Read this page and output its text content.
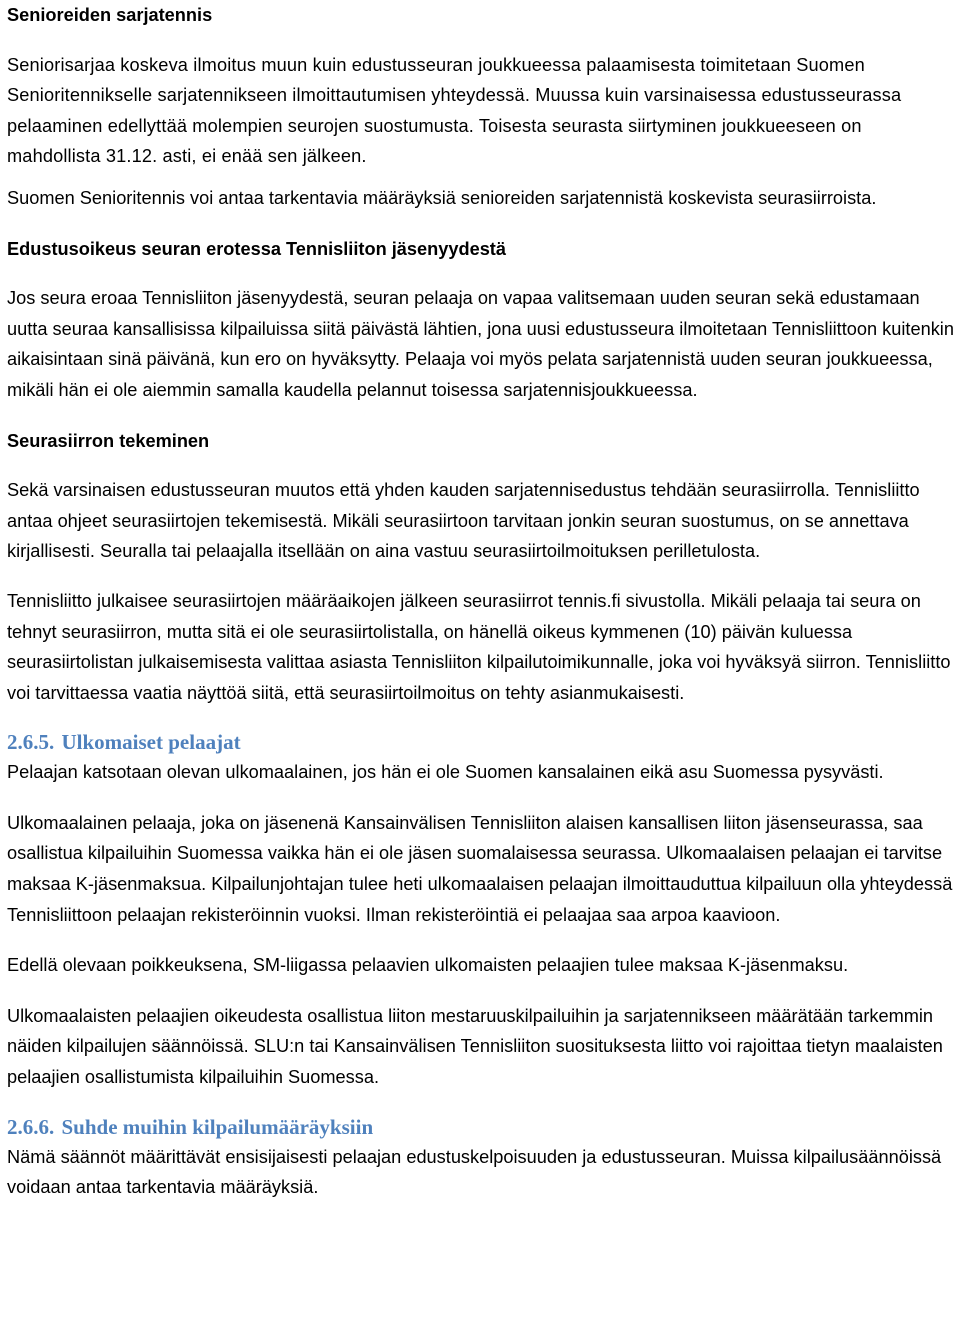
Senioreiden sarjatennis

Seniorisarjaa koskeva ilmoitus muun kuin edustusseuran joukkueessa palaamisesta toimitetaan Suomen Senioritennikselle sarjatennikseen ilmoittautumisen yhteydessä. Muussa kuin varsinaisessa edustusseurassa pelaaminen edellyttää molempien seurojen suostumusta. Toisesta seurasta siirtyminen joukkueeseen on mahdollista 31.12. asti, ei enää sen jälkeen.

Suomen Senioritennis voi antaa tarkentavia määräyksiä senioreiden sarjatennistä koskevista seurasiirroista.

Edustusoikeus seuran erotessa Tennisliiton jäsenyydestä

Jos seura eroaa Tennisliiton jäsenyydestä, seuran pelaaja on vapaa valitsemaan uuden seuran sekä edustamaan uutta seuraa kansallisissa kilpailuissa siitä päivästä lähtien, jona uusi edustusseura ilmoitetaan Tennisliittoon kuitenkin aikaisintaan sinä päivänä, kun ero on hyväksytty. Pelaaja voi myös pelata sarjatennistä uuden seuran joukkueessa, mikäli hän ei ole aiemmin samalla kaudella pelannut toisessa sarjatennisjoukkueessa.

Seurasiirron tekeminen

Sekä varsinaisen edustusseuran muutos että yhden kauden sarjatennisedustus tehdään seurasiirrolla. Tennisliitto antaa ohjeet seurasiirtojen tekemisestä. Mikäli seurasiirtoon tarvitaan jonkin seuran suostumus, on se annettava kirjallisesti. Seuralla tai pelaajalla itsellään on aina vastuu seurasiirtoilmoituksen perilletulosta.

Tennisliitto julkaisee seurasiirtojen määräaikojen jälkeen seurasiirrot tennis.fi sivustolla. Mikäli pelaaja tai seura on tehnyt seurasiirron, mutta sitä ei ole seurasiirtolistalla, on hänellä oikeus kymmenen (10) päivän kuluessa seurasiirtolistan julkaisemisesta valittaa asiasta Tennisliiton kilpailutoimikunnalle, joka voi hyväksyä siirron. Tennisliitto voi tarvittaessa vaatia näyttöä siitä, että seurasiirtoilmoitus on tehty asianmukaisesti.

2.6.5. Ulkomaiset pelaajat

Pelaajan katsotaan olevan ulkomaalainen, jos hän ei ole Suomen kansalainen eikä asu Suomessa pysyvästi.

Ulkomaalainen pelaaja, joka on jäsenenä Kansainvälisen Tennisliiton alaisen kansallisen liiton jäsenseurassa, saa osallistua kilpailuihin Suomessa vaikka hän ei ole jäsen suomalaisessa seurassa. Ulkomaalaisen pelaajan ei tarvitse maksaa K-jäsenmaksua. Kilpailunjohtajan tulee heti ulkomaalaisen pelaajan ilmoittauduttua kilpailuun olla yhteydessä Tennisliittoon pelaajan rekisteröinnin vuoksi. Ilman rekisteröintiä ei pelaajaa saa arpoa kaavioon.

Edellä olevaan poikkeuksena, SM-liigassa pelaavien ulkomaisten pelaajien tulee maksaa K-jäsenmaksu.

Ulkomaalaisten pelaajien oikeudesta osallistua liiton mestaruuskilpailuihin ja sarjatennikseen määrätään tarkemmin näiden kilpailujen säännöissä. SLU:n tai Kansainvälisen Tennisliiton suosituksesta liitto voi rajoittaa tietyn maalaisten pelaajien osallistumista kilpailuihin Suomessa.

2.6.6. Suhde muihin kilpailumääräyksiin

Nämä säännöt määrittävät ensisijaisesti pelaajan edustuskelpoisuuden ja edustusseuran. Muissa kilpailusäännöissä voidaan antaa tarkentavia määräyksiä.
